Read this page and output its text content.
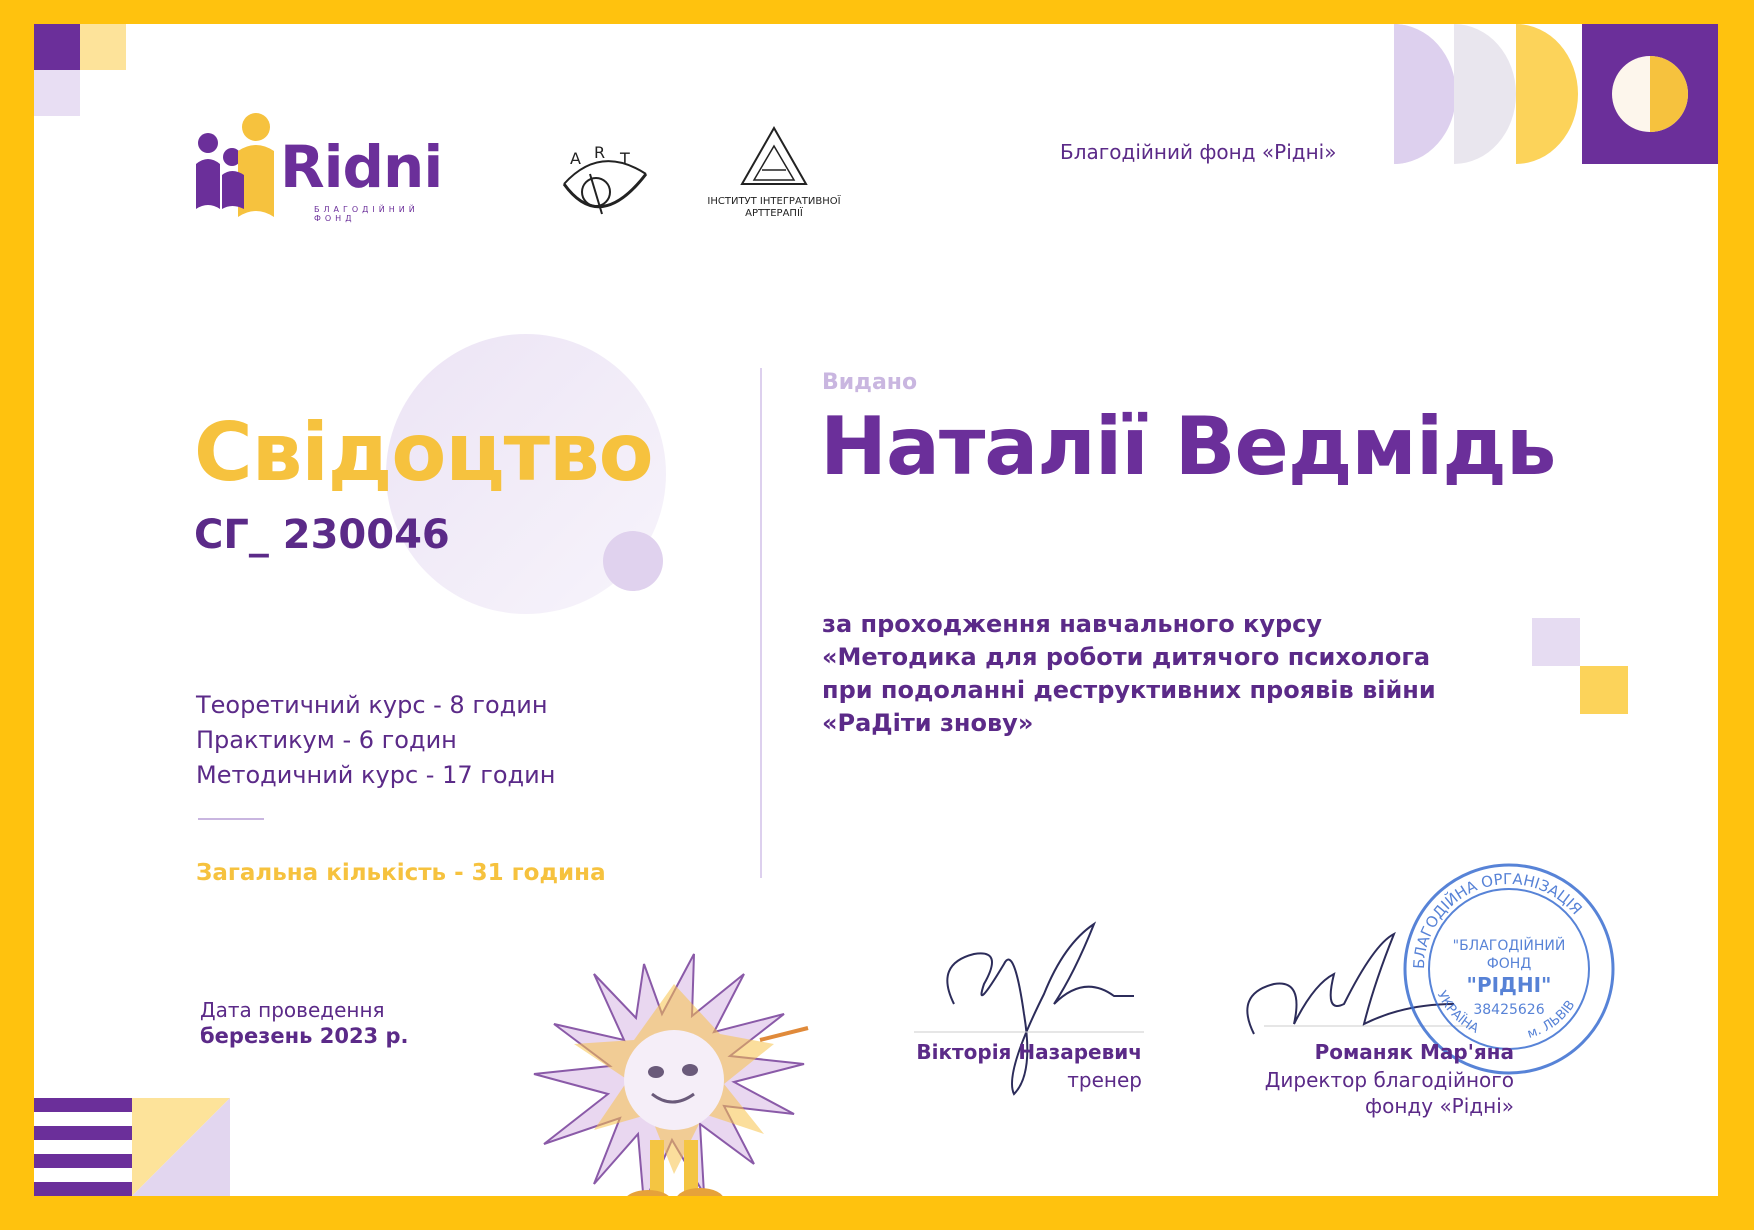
Ridni
БЛАГОДІЙНИЙ ФОНД
A R T
ІНСТИТУТ ІНТЕГРАТИВНОЇ
АРТТЕРАПІЇ
Благодійний фонд «Рідні»
Свідоцтво
СГ_ 230046
Теоретичний курс - 8 годин
Практикум - 6 годин
Методичний курс - 17 годин
Загальна кількість - 31 година
Видано
Наталії Ведмідь
за проходження навчального курсу
«Методика для роботи дитячого психолога
при подоланні деструктивних проявів війни
«РаДіти знову»
Дата проведення
березень 2023 р.
Вікторія Назаревич
тренер
БЛАГОДІЙНА ОРГАНІЗАЦІЯ
м. ЛЬВІВ
УКРАЇНА
"БЛАГОДІЙНИЙ
ФОНД
"РІДНІ"
38425626
Романяк Мар'яна
Директор благодійного
фонду «Рідні»
